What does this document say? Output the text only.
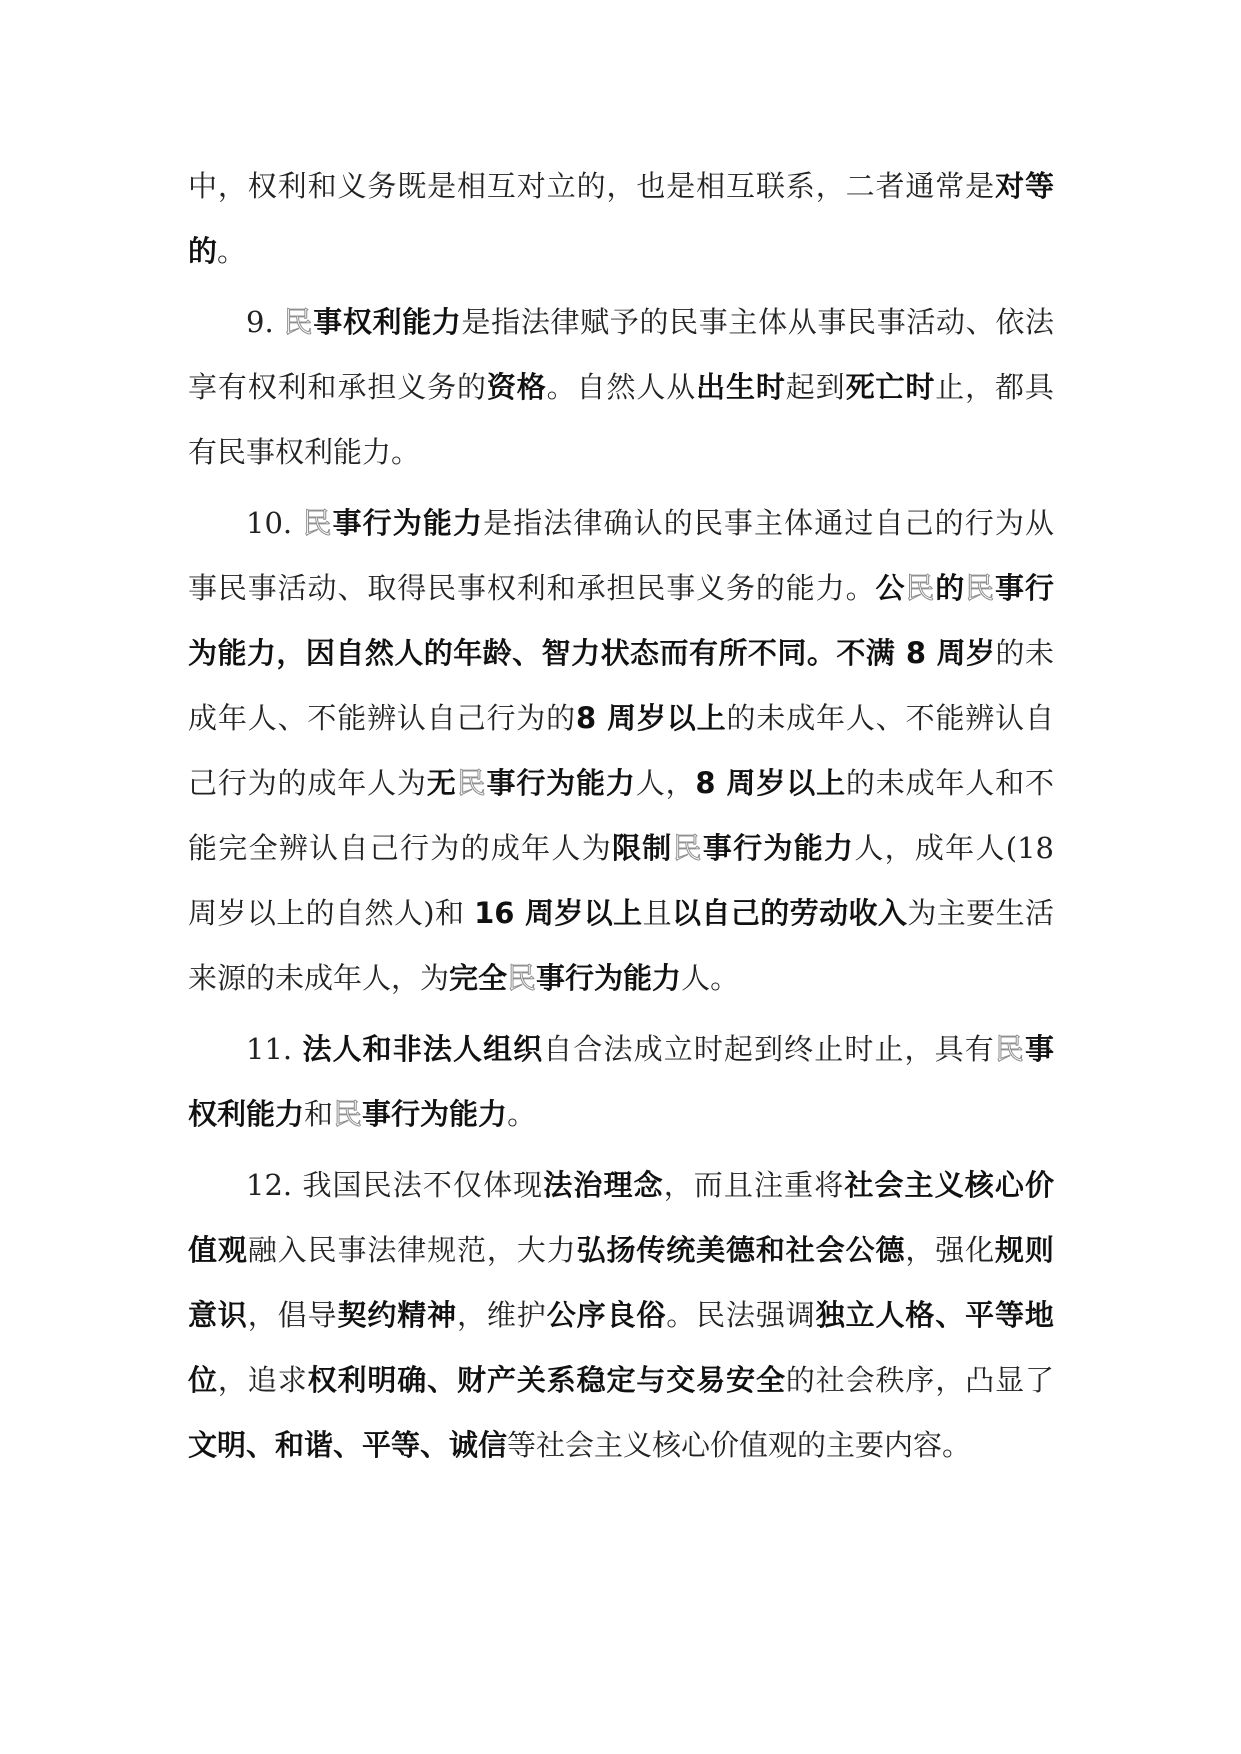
中，权利和义务既是相互对立的，也是相互联系，二者通常是对等的。

9. 民事权利能力是指法律赋予的民事主体从事民事活动、依法享有权利和承担义务的资格。自然人从出生时起到死亡时止，都具有民事权利能力。

10. 民事行为能力是指法律确认的民事主体通过自己的行为从事民事活动、取得民事权利和承担民事义务的能力。公民的民事行为能力，因自然人的年龄、智力状态而有所不同。不满 8 周岁的未成年人、不能辨认自己行为的8 周岁以上的未成年人、不能辨认自己行为的成年人为无民事行为能力人，8 周岁以上的未成年人和不能完全辨认自己行为的成年人为限制民事行为能力人，成年人(18 周岁以上的自然人)和 16 周岁以上且以自己的劳动收入为主要生活来源的未成年人，为完全民事行为能力人。

11. 法人和非法人组织自合法成立时起到终止时止，具有民事权利能力和民事行为能力。

12. 我国民法不仅体现法治理念，而且注重将社会主义核心价值观融入民事法律规范，大力弘扬传统美德和社会公德，强化规则意识，倡导契约精神，维护公序良俗。民法强调独立人格、平等地位，追求权利明确、财产关系稳定与交易安全的社会秩序，凸显了文明、和谐、平等、诚信等社会主义核心价值观的主要内容。
